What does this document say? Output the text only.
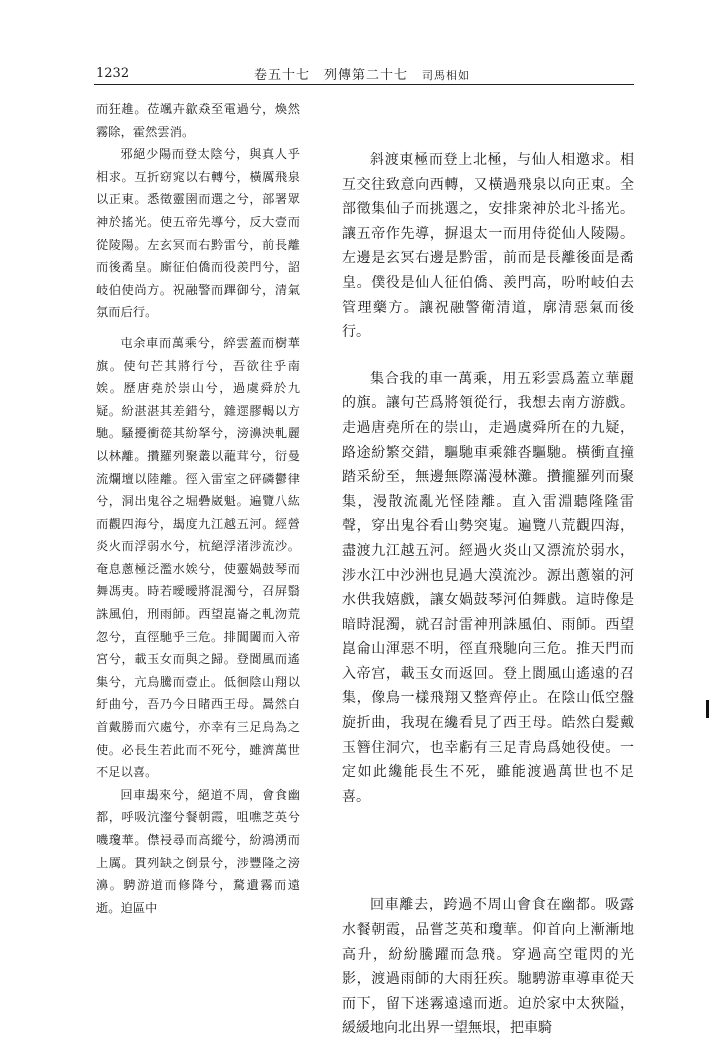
1232	卷五十七 列傳第二十七 司馬相如

而狂趡。莅颯卉歙猋至電過兮，煥然霧除，霍然雲消。

邪絕少陽而登太陰兮，與真人乎相求。互折窈窕以右轉兮，橫厲飛泉以正東。悉徵靈圉而選之兮，部署眾神於搖光。使五帝先導兮，反大壹而從陵陽。左玄冥而右黔雷兮，前長離而後矞皇。廝征伯僑而役羨門兮，詔岐伯使尚方。祝融警而蹕御兮，清氣氛而后行。

屯余車而萬乘兮，綷雲蓋而樹華旗。使句芒其將行兮，吾欲往乎南娭。歷唐堯於崇山兮，過虞舜於九疑。紛湛湛其差錯兮，雜遝膠輵以方馳。騷擾衝蓯其紛拏兮，滂濞泱軋麗以林離。攢羅列聚叢以蘢茸兮，衍曼流爛壇以陸離。徑入雷室之砰磷鬱律兮，洞出鬼谷之堀礨崴魁。遍覽八紘而觀四海兮，朅度九江越五河。經營炎火而浮弱水兮，杭絕浮渚涉流沙。奄息蔥極泛濫水娭兮，使靈媧鼓琴而舞馮夷。時若曖曖將混濁兮，召屏翳誅風伯，刑雨師。西望崑崙之軋沕荒忽兮，直徑馳乎三危。排閶闔而入帝宮兮，載玉女而與之歸。登閬風而遙集兮，亢烏騰而壹止。低徊陰山翔以紆曲兮，吾乃今日睹西王母。暠然白首戴勝而穴處兮，亦幸有三足烏為之使。必長生若此而不死兮，雖濟萬世不足以喜。

回車朅來兮，絕道不周，會食幽都，呼吸沆瀣兮餐朝霞，咀噍芝英兮嘰瓊華。僸祲尋而高縱兮，紛鴻湧而上厲。貫列缺之倒景兮，涉豐隆之滂濞。騁游道而修降兮，騖遺霧而遠逝。迫區中

斜渡東極而登上北極，与仙人相邀求。相互交往致意向西轉，又橫過飛泉以向正東。全部徵集仙子而挑選之，安排衆神於北斗搖光。讓五帝作先導，摒退太一而用侍從仙人陵陽。左邊是玄冥右邊是黔雷，前而是長離後面是矞皇。僕役是仙人征伯僑、羨門高，吩咐岐伯去管理藥方。讓祝融警衛清道，廓清惡氣而後行。

集合我的車一萬乘，用五彩雲爲蓋立華麗的旗。讓句芒爲將領從行，我想去南方游戲。走過唐堯所在的崇山，走過虞舜所在的九疑，路途紛繁交錯，驅馳車乘雜沓驅馳。橫衝直撞踏采紛至，無邊無際滿漫林灘。攢攏羅列而聚集，漫散流亂光怪陸離。直入雷淵聽隆隆雷聲，穿出鬼谷看山勢突嵬。遍覽八荒觀四海，盡渡九江越五河。經過火炎山又漂流於弱水，涉水江中沙洲也見過大漠流沙。源出蔥嶺的河水供我嬉戲，讓女媧鼓琴河伯舞戲。這時像是暗時混濁，就召討雷神刑誅風伯、雨師。西望崑侖山渾惡不明，徑直飛馳向三危。推天門而入帝宫，載玉女而返回。登上閬風山遙遠的召集，像鳥一樣飛翔又整齊停止。在陰山低空盤旋折曲，我現在纔看見了西王母。皓然白髮戴玉簪住洞穴，也幸虧有三足青鳥爲她役使。一定如此纔能長生不死，雖能渡過萬世也不足喜。

回車離去，跨過不周山會食在幽都。吸露水餐朝霞，品嘗芝英和瓊華。仰首向上漸漸地高升，紛紛騰躍而急飛。穿過高空電閃的光影，渡過雨師的大雨狂疾。馳騁游車導車從天而下，留下迷霧遠遠而逝。迫於家中太狹隘，緩緩地向北出界一望無垠，把車騎
